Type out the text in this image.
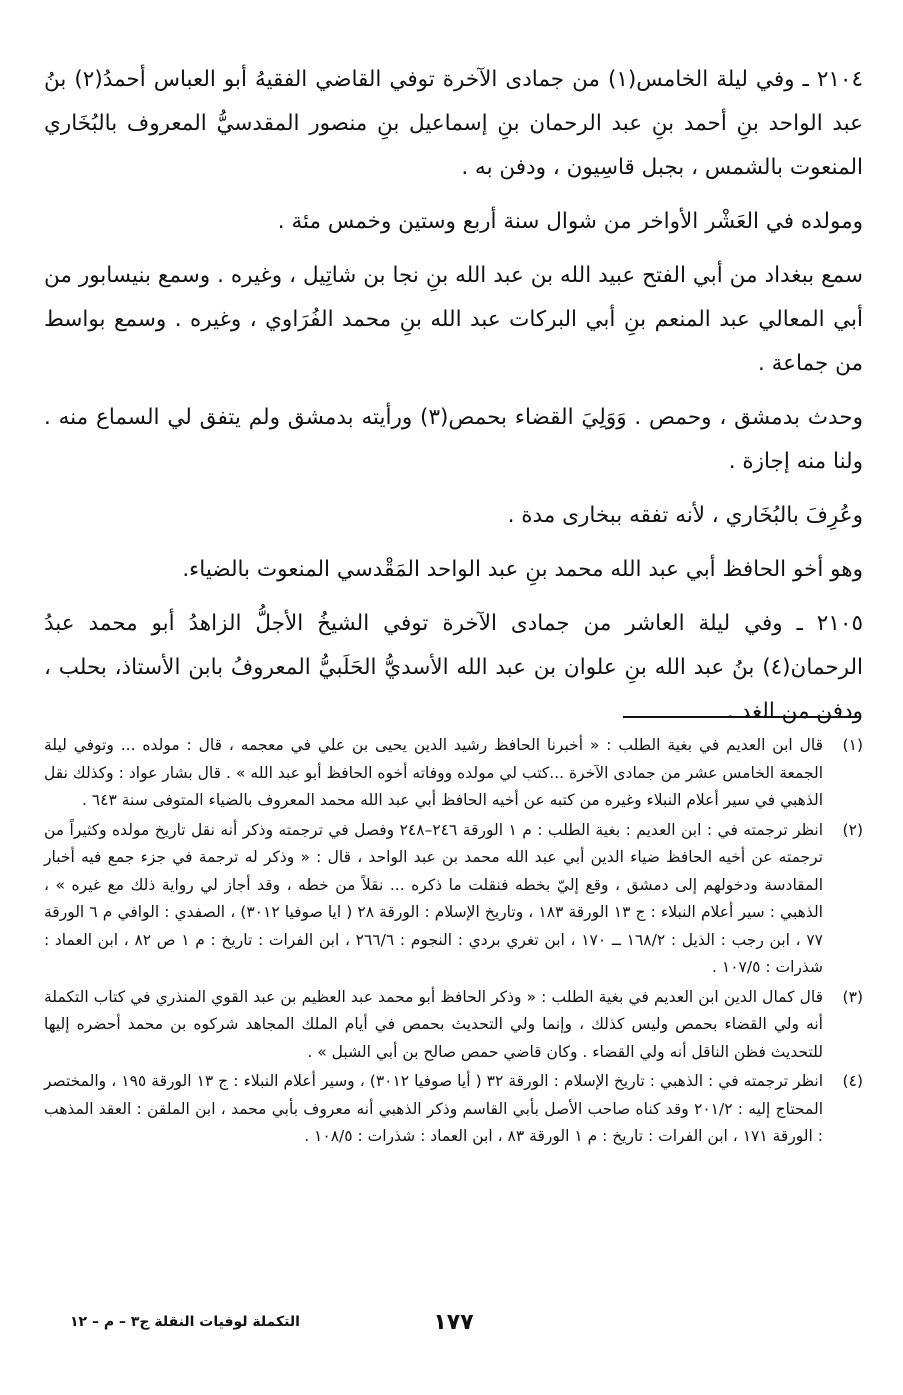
٢١٠٤ ـ وفي ليلة الخامس(١) من جمادى الآخرة توفي القاضي الفقيهُ أبو العباس أحمدُ(٢) بنُ عبد الواحد بنِ أحمد بنِ عبد الرحمان بنِ إسماعيل بنِ منصور المقدسيُّ المعروف بالبُخَاري المنعوت بالشمس ، بجبل قاسِيون ، ودفن به .

ومولده في العَشْر الأواخر من شوال سنة أربع وستين وخمس مئة .

سمع ببغداد من أبي الفتح عبيد الله بن عبد الله بنِ نجا بن شاتِيل ، وغيره . وسمع بنيسابور من أبي المعالي عبد المنعم بنِ أبي البركات عبد الله بنِ محمد الفُرَاوي ، وغيره . وسمع بواسط من جماعة .

وحدث بدمشق ، وحمص . وَوَلِيَ القضاء بحمص(٣) ورأيته بدمشق ولم يتفق لي السماع منه . ولنا منه إجازة .

وعُرِفَ بالبُخَاري ، لأنه تفقه ببخارى مدة .

وهو أخو الحافظ أبي عبد الله محمد بنِ عبد الواحد المَقْدسي المنعوت بالضياء.

٢١٠٥ ـ وفي ليلة العاشر من جمادى الآخرة توفي الشيخُ الأجلُّ الزاهدُ أبو محمد عبدُ الرحمان(٤) بنُ عبد الله بنِ علوان بن عبد الله الأسديُّ الحَلَبيُّ المعروفُ بابن الأستاذ، بحلب ، ودفن من الغد .

(١)
قال ابن العديم في بغية الطلب : « أخبرنا الحافظ رشيد الدين يحيى بن علي في معجمه ، قال : مولده ... وتوفي ليلة الجمعة الخامس عشر من جمادى الآخرة ...كتب لي مولده ووفاته أخوه الحافظ أبو عبد الله » . قال بشار عواد : وكذلك نقل الذهبي في سير أعلام النبلاء وغيره من كتبه عن أخيه الحافظ أبي عبد الله محمد المعروف بالضياء المتوفى سنة ٦٤٣ .
(٢)
انظر ترجمته في : ابن العديم : بغية الطلب : م ١ الورقة ٢٤٦–٢٤٨ وفصل في ترجمته وذكر أنه نقل تاريخ مولده وكثيراً من ترجمته عن أخيه الحافظ ضياء الدين أبي عبد الله محمد بن عبد الواحد ، قال : « وذكر له ترجمة في جزء جمع فيه أخبار المقادسة ودخولهم إلى دمشق ، وقع إليّ بخطه فنقلت ما ذكره ... نقلاً من خطه ، وقد أجاز لي رواية ذلك مع غيره » ، الذهبي : سير أعلام النبلاء : ج ١٣ الورقة ١٨٣ ، وتاريخ الإسلام : الورقة ٢٨ ( ايا صوفيا ٣٠١٢) ، الصفدي : الوافي م ٦ الورقة ٧٧ ، ابن رجب : الذيل : ١٦٨/٢ ــ ١٧٠ ، ابن تغري بردي : النجوم : ٢٦٦/٦ ، ابن الفرات : تاريخ : م ١ ص ٨٢ ، ابن العماد : شذرات : ١٠٧/٥ .
(٣)
قال كمال الدين ابن العديم في بغية الطلب : « وذكر الحافظ أبو محمد عبد العظيم بن عبد القوي المنذري في كتاب التكملة أنه ولي القضاء بحمص وليس كذلك ، وإنما ولي التحديث بحمص في أيام الملك المجاهد شركوه بن محمد أحضره إليها للتحديث فظن الناقل أنه ولي القضاء . وكان قاضي حمص صالح بن أبي الشبل » .
(٤)
انظر ترجمته في : الذهبي : تاريخ الإسلام : الورقة ٣٢ ( أيا صوفيا ٣٠١٢) ، وسير أعلام النبلاء : ج ١٣ الورقة ١٩٥ ، والمختصر المحتاج إليه : ٢٠١/٢ وقد كناه صاحب الأصل بأبي القاسم وذكر الذهبي أنه معروف بأبي محمد ، ابن الملقن : العقد المذهب : الورقة ١٧١ ، ابن الفرات : تاريخ : م ١ الورقة ٨٣ ، ابن العماد : شذرات : ١٠٨/٥ .
١٧٧
التكملة لوفيات النقلة ج٣ – م – ١٢
